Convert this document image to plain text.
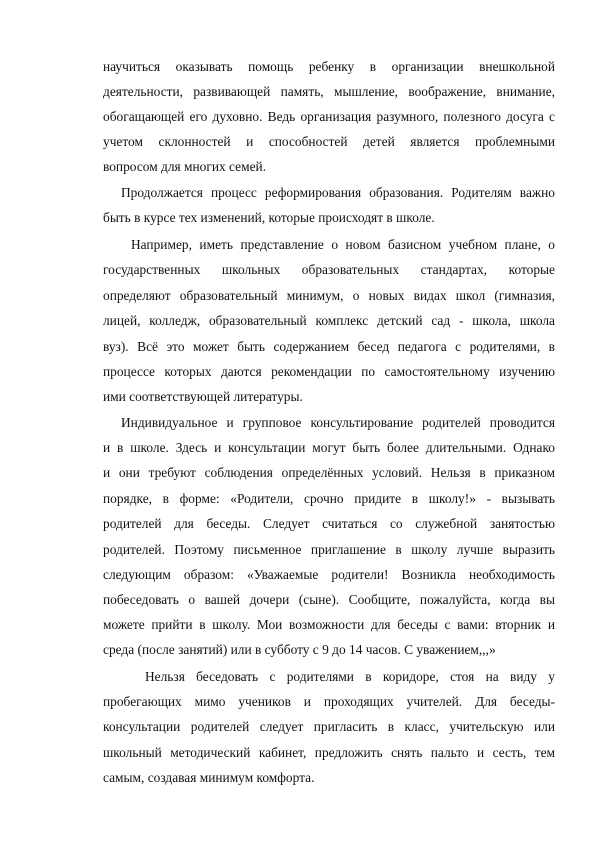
научиться оказывать помощь ребенку в организации внешкольной
деятельности, развивающей память, мышление, воображение, внимание,
обогащающей его духовно. Ведь организация разумного, полезного досуга с
учетом склонностей и способностей детей является проблемными
вопросом для многих семей.
Продолжается процесс реформирования образования. Родителям важно
быть в курсе тех изменений, которые происходят в школе.
Например, иметь представление о новом базисном учебном плане, о
государственных школьных образовательных стандартах, которые
определяют образовательный минимум, о новых видах школ (гимназия,
лицей, колледж, образовательный комплекс детский сад - школа, школа
вуз). Всё это может быть содержанием бесед педагога с родителями, в
процессе которых даются рекомендации по самостоятельному изучению
ими соответствующей литературы.
Индивидуальное и групповое консультирование родителей проводится
и в школе. Здесь и консультации могут быть более длительными. Однако
и они требуют соблюдения определённых условий. Нельзя в приказном
порядке, в форме: «Родители, срочно придите в школу!» - вызывать
родителей для беседы. Следует считаться со служебной занятостью
родителей. Поэтому письменное приглашение в школу лучше выразить
следующим образом: «Уважаемые родители! Возникла необходимость
побеседовать о вашей дочери (сыне). Сообщите, пожалуйста, когда вы
можете прийти в школу. Мои возможности для беседы с вами: вторник и
среда (после занятий) или в субботу с 9 до 14 часов. С уважением,,,»
Нельзя беседовать с родителями в коридоре, стоя на виду у
пробегающих мимо учеников и проходящих учителей. Для беседы-
консультации родителей следует пригласить в класс, учительскую или
школьный методический кабинет, предложить снять пальто и сесть, тем
самым, создавая минимум комфорта.
